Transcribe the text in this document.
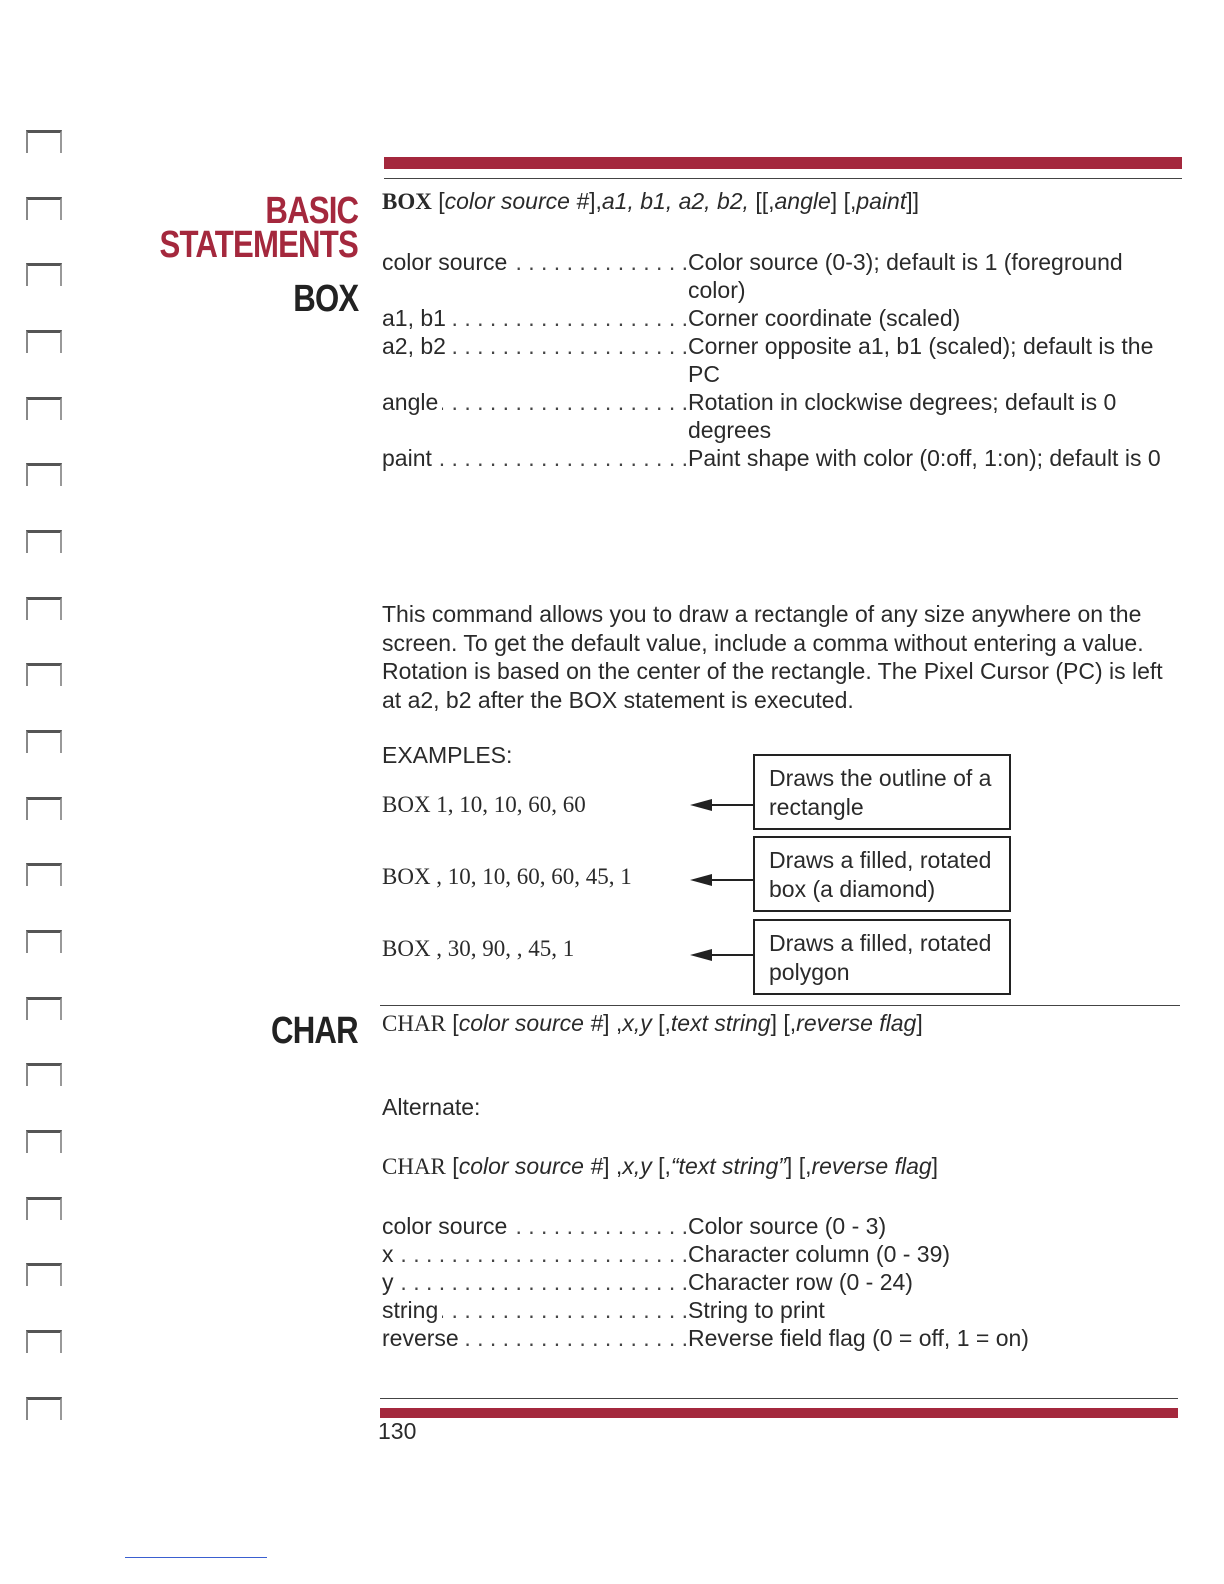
BASIC
STATEMENTS
BOX
CHAR
BOX [color source #],a1, b1, a2, b2, [[,angle] [,paint]]
color source . . .	Color source (0-3); default is 1 (foreground color)
a1, b1 . . .	Corner coordinate (scaled)
a2, b2 . . .	Corner opposite a1, b1 (scaled); default is the PC
angle . . .	Rotation in clockwise degrees; default is 0 degrees
paint . . .	Paint shape with color (0:off, 1:on); default is 0
This command allows you to draw a rectangle of any size anywhere on the screen. To get the default value, include a comma without entering a value. Rotation is based on the center of the rectangle. The Pixel Cursor (PC) is left at a2, b2 after the BOX statement is executed.
EXAMPLES:
BOX 1, 10, 10, 60, 60
BOX , 10, 10, 60, 60, 45, 1
BOX , 30, 90, , 45, 1
Draws the outline of a rectangle
Draws a filled, rotated box (a diamond)
Draws a filled, rotated polygon
CHAR [color source #] ,x,y [,text string] [,reverse flag]
Alternate:
CHAR [color source #] ,x,y [,“text string”] [,reverse flag]
color source . . .	Color source (0 - 3)
x . . .	Character column (0 - 39)
y . . .	Character row (0 - 24)
string . . .	String to print
reverse . . .	Reverse field flag (0 = off, 1 = on)
130
